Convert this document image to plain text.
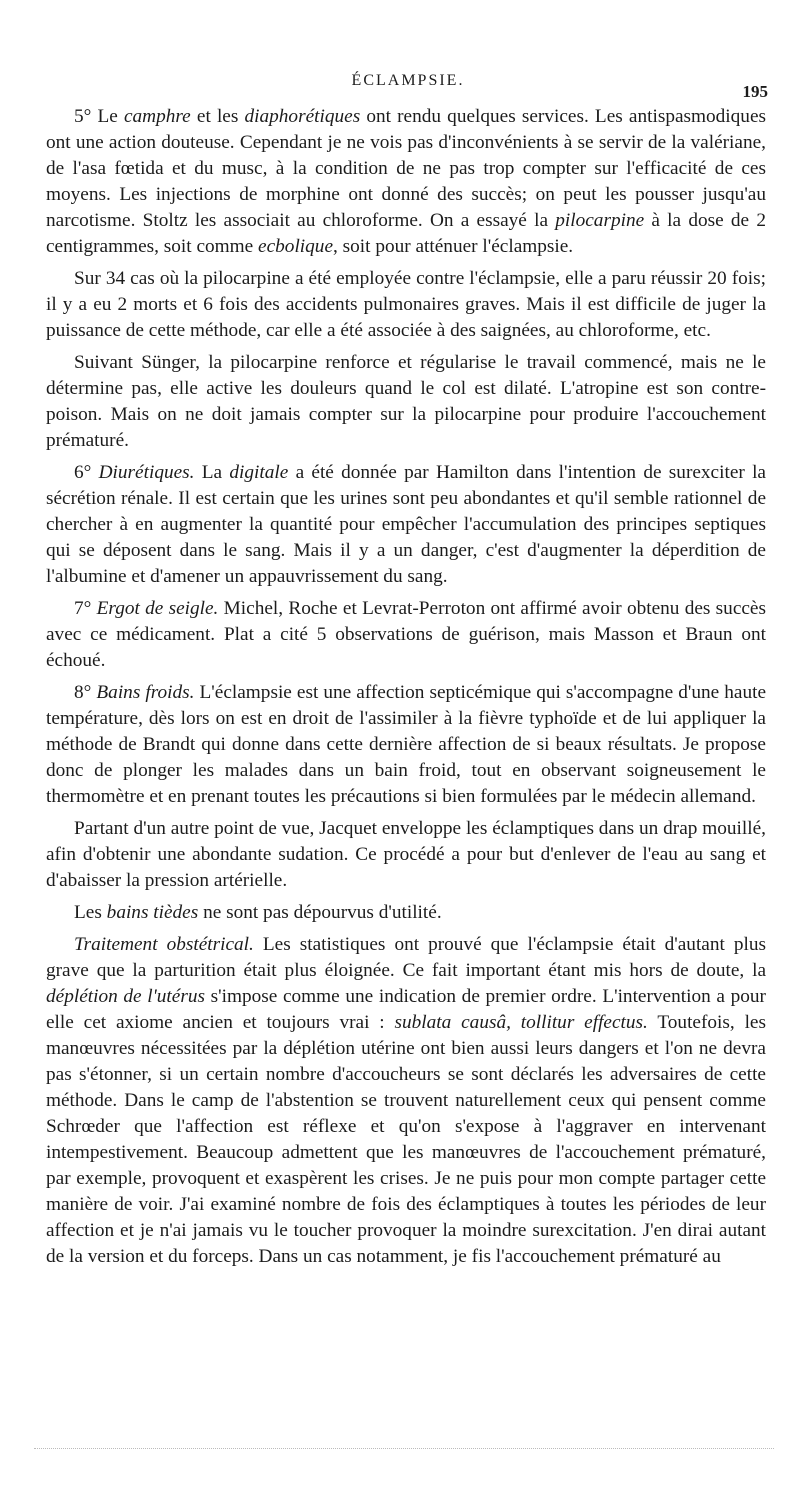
ÉCLAMPSIE.
195

5° Le camphre et les diaphorétiques ont rendu quelques services. Les antispasmodiques ont une action douteuse. Cependant je ne vois pas d'inconvénients à se servir de la valériane, de l'asa fœtida et du musc, à la condition de ne pas trop compter sur l'efficacité de ces moyens. Les injections de morphine ont donné des succès; on peut les pousser jusqu'au narcotisme. Stoltz les associait au chloroforme. On a essayé la pilocarpine à la dose de 2 centigrammes, soit comme ecbolique, soit pour atténuer l'éclampsie.

Sur 34 cas où la pilocarpine a été employée contre l'éclampsie, elle a paru réussir 20 fois; il y a eu 2 morts et 6 fois des accidents pulmonaires graves. Mais il est difficile de juger la puissance de cette méthode, car elle a été associée à des saignées, au chloroforme, etc.

Suivant Sünger, la pilocarpine renforce et régularise le travail commencé, mais ne le détermine pas, elle active les douleurs quand le col est dilaté. L'atropine est son contre-poison. Mais on ne doit jamais compter sur la pilocarpine pour produire l'accouchement prématuré.

6° Diurétiques. La digitale a été donnée par Hamilton dans l'intention de surexciter la sécrétion rénale. Il est certain que les urines sont peu abondantes et qu'il semble rationnel de chercher à en augmenter la quantité pour empêcher l'accumulation des principes septiques qui se déposent dans le sang. Mais il y a un danger, c'est d'augmenter la déperdition de l'albumine et d'amener un appauvrissement du sang.

7° Ergot de seigle. Michel, Roche et Levrat-Perroton ont affirmé avoir obtenu des succès avec ce médicament. Plat a cité 5 observations de guérison, mais Masson et Braun ont échoué.

8° Bains froids. L'éclampsie est une affection septicémique qui s'accompagne d'une haute température, dès lors on est en droit de l'assimiler à la fièvre typhoïde et de lui appliquer la méthode de Brandt qui donne dans cette dernière affection de si beaux résultats. Je propose donc de plonger les malades dans un bain froid, tout en observant soigneusement le thermomètre et en prenant toutes les précautions si bien formulées par le médecin allemand.

Partant d'un autre point de vue, Jacquet enveloppe les éclamptiques dans un drap mouillé, afin d'obtenir une abondante sudation. Ce procédé a pour but d'enlever de l'eau au sang et d'abaisser la pression artérielle.

Les bains tièdes ne sont pas dépourvus d'utilité.

Traitement obstétrical. Les statistiques ont prouvé que l'éclampsie était d'autant plus grave que la parturition était plus éloignée. Ce fait important étant mis hors de doute, la déplétion de l'utérus s'impose comme une indication de premier ordre. L'intervention a pour elle cet axiome ancien et toujours vrai : sublata causâ, tollitur effectus. Toutefois, les manœuvres nécessitées par la déplétion utérine ont bien aussi leurs dangers et l'on ne devra pas s'étonner, si un certain nombre d'accoucheurs se sont déclarés les adversaires de cette méthode. Dans le camp de l'abstention se trouvent naturellement ceux qui pensent comme Schrœder que l'affection est réflexe et qu'on s'expose à l'aggraver en intervenant intempestivement. Beaucoup admettent que les manœuvres de l'accouchement prématuré, par exemple, provoquent et exaspèrent les crises. Je ne puis pour mon compte partager cette manière de voir. J'ai examiné nombre de fois des éclamptiques à toutes les périodes de leur affection et je n'ai jamais vu le toucher provoquer la moindre surexcitation. J'en dirai autant de la version et du forceps. Dans un cas notamment, je fis l'accouchement prématuré au
